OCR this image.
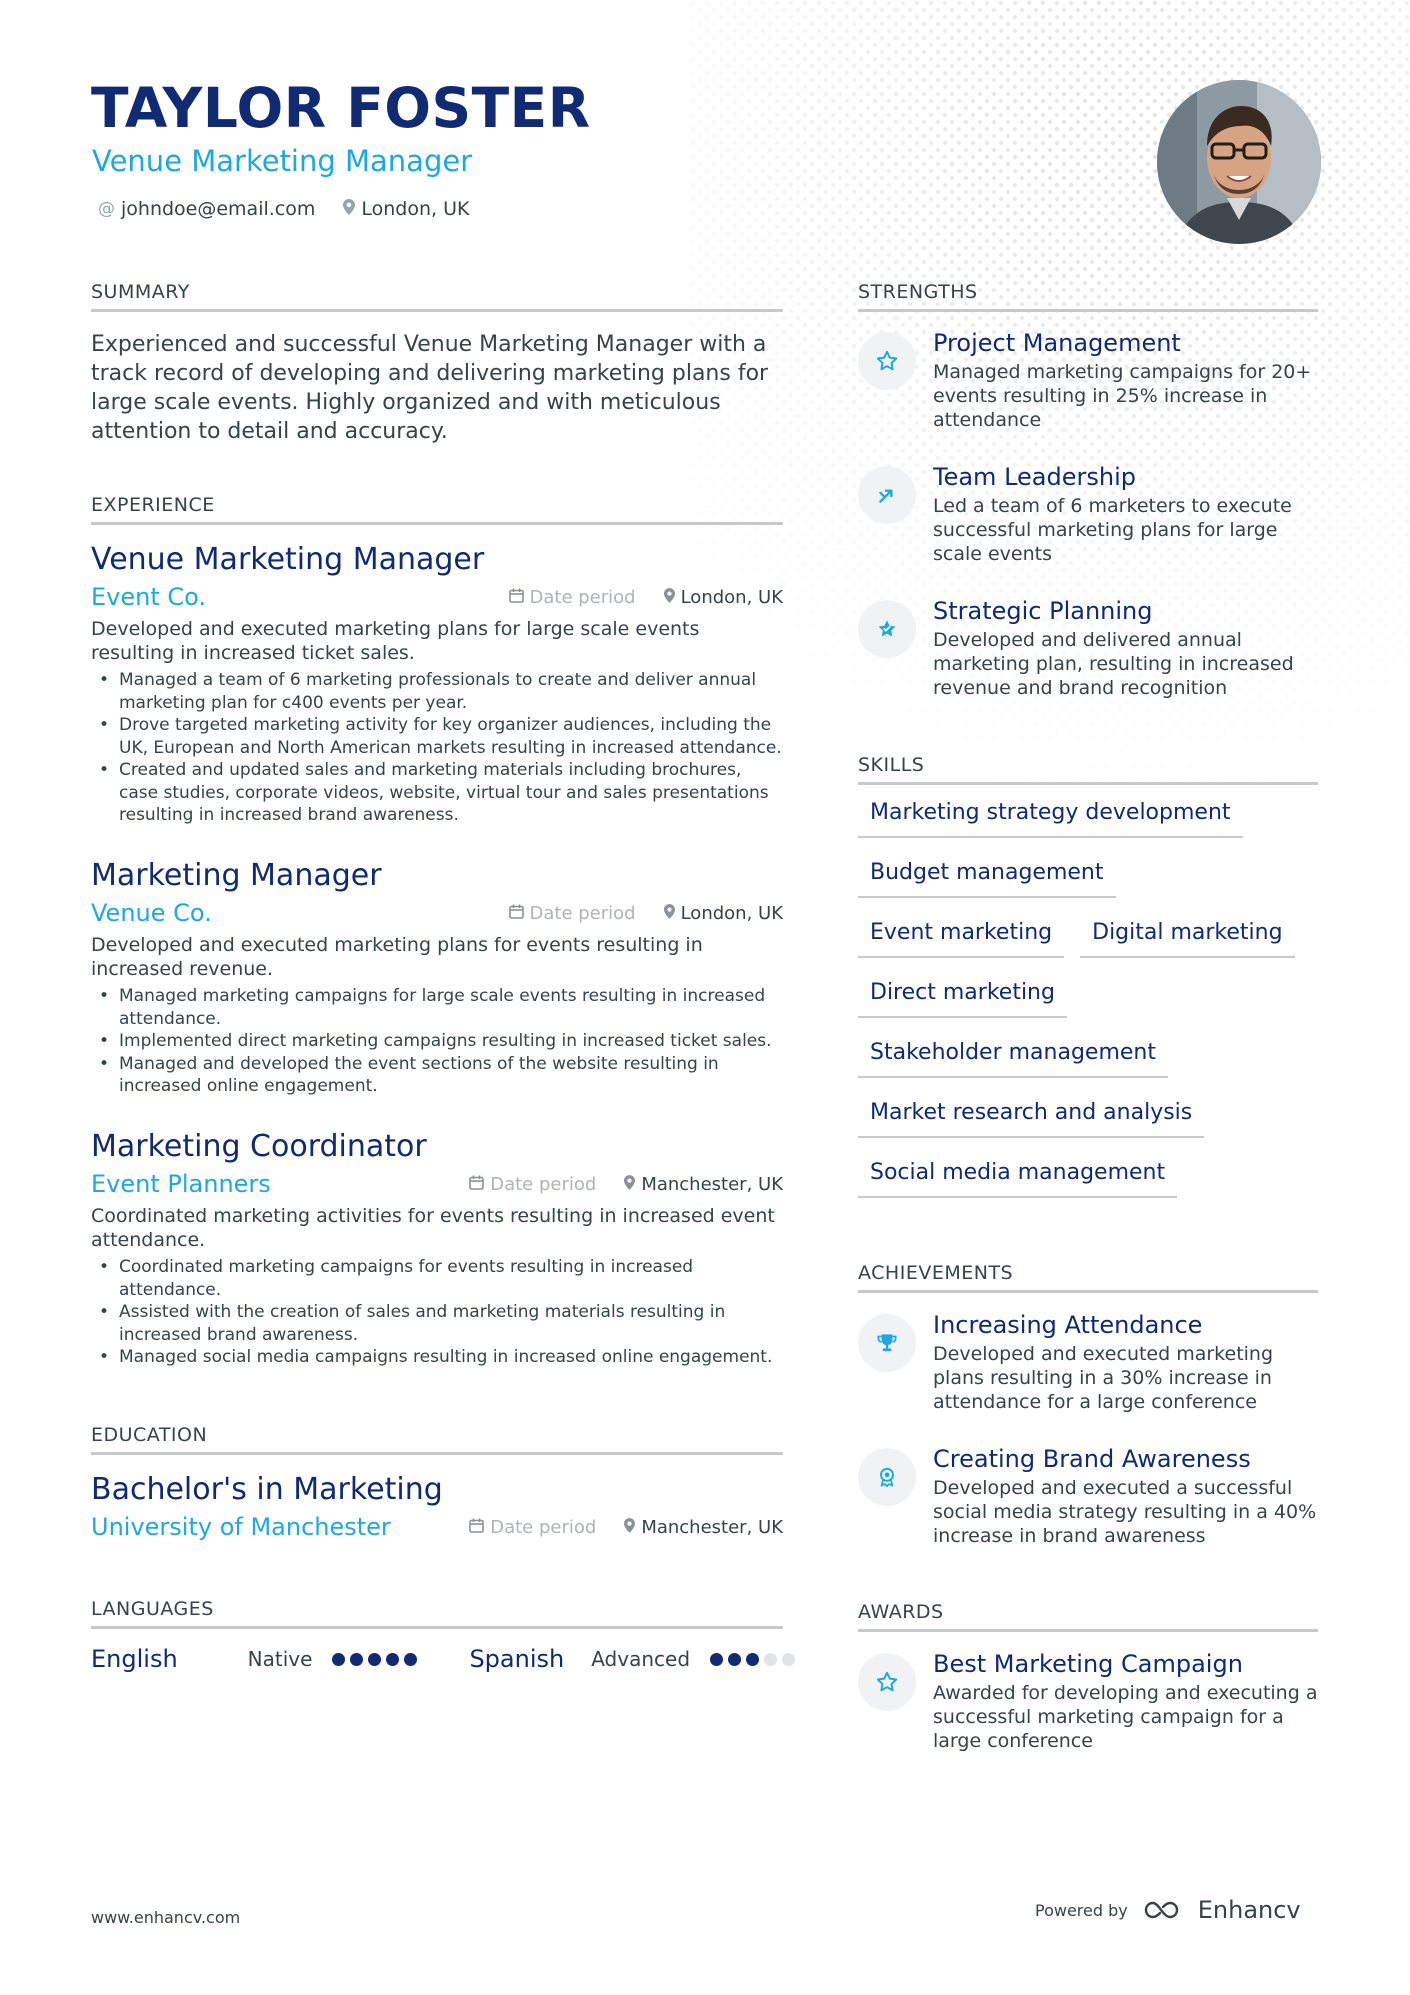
TAYLOR FOSTER
Venue Marketing Manager
@ johndoe@email.com London, UK
SUMMARY
Experienced and successful Venue Marketing Manager with a track record of developing and delivering marketing plans for large scale events. Highly organized and with meticulous attention to detail and accuracy.
EXPERIENCE
Venue Marketing Manager
Event Co.	Date period	London, UK
Developed and executed marketing plans for large scale events resulting in increased ticket sales.
• Managed a team of 6 marketing professionals to create and deliver annual marketing plan for c400 events per year.
• Drove targeted marketing activity for key organizer audiences, including the UK, European and North American markets resulting in increased attendance.
• Created and updated sales and marketing materials including brochures, case studies, corporate videos, website, virtual tour and sales presentations resulting in increased brand awareness.
Marketing Manager
Venue Co.	Date period	London, UK
Developed and executed marketing plans for events resulting in increased revenue.
• Managed marketing campaigns for large scale events resulting in increased attendance.
• Implemented direct marketing campaigns resulting in increased ticket sales.
• Managed and developed the event sections of the website resulting in increased online engagement.
Marketing Coordinator
Event Planners	Date period	Manchester, UK
Coordinated marketing activities for events resulting in increased event attendance.
• Coordinated marketing campaigns for events resulting in increased attendance.
• Assisted with the creation of sales and marketing materials resulting in increased brand awareness.
• Managed social media campaigns resulting in increased online engagement.
EDUCATION
Bachelor's in Marketing
University of Manchester	Date period	Manchester, UK
LANGUAGES
English	Native	Spanish Advanced
STRENGTHS
Project Management
Managed marketing campaigns for 20+ events resulting in 25% increase in attendance
Team Leadership
Led a team of 6 marketers to execute successful marketing plans for large scale events
Strategic Planning
Developed and delivered annual marketing plan, resulting in increased revenue and brand recognition
SKILLS
Marketing strategy development
Budget management
Event marketing	Digital marketing
Direct marketing
Stakeholder management
Market research and analysis
Social media management
ACHIEVEMENTS
Increasing Attendance
Developed and executed marketing plans resulting in a 30% increase in attendance for a large conference
Creating Brand Awareness
Developed and executed a successful social media strategy resulting in a 40% increase in brand awareness
AWARDS
Best Marketing Campaign
Awarded for developing and executing a successful marketing campaign for a large conference
www.enhancv.com	Powered by	Enhancv
